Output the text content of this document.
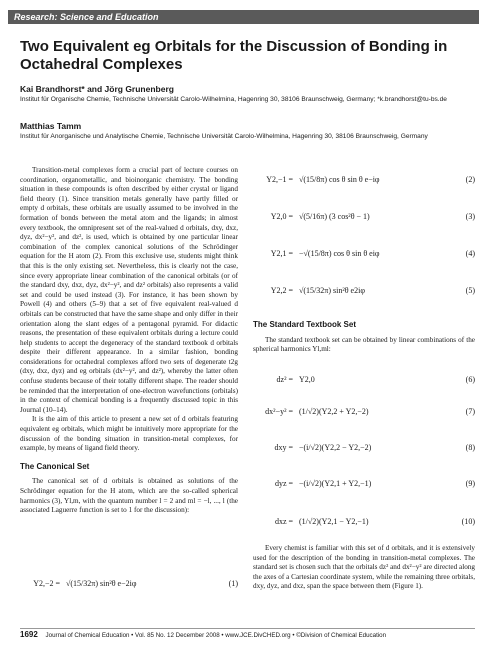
Research: Science and Education
Two Equivalent eg Orbitals for the Discussion of Bonding in Octahedral Complexes
Kai Brandhorst* and Jörg Grunenberg
Institut für Organische Chemie, Technische Universität Carolo-Wilhelmina, Hagenring 30, 38106 Braunschweig, Germany; *k.brandhorst@tu-bs.de
Matthias Tamm
Institut für Anorganische und Analytische Chemie, Technische Universität Carolo-Wilhelmina, Hagenring 30, 38106 Braunschweig, Germany

Transition-metal complexes form a crucial part of lecture courses on coordination, organometallic, and bioinorganic chemistry. The bonding situation in these compounds is often described by either crystal or ligand field theory (1). Since transition metals generally have partly filled or empty d orbitals, these orbitals are usually assumed to be involved in the formation of bonds between the metal atom and the ligands; in almost every textbook, the omnipresent set of the real-valued d orbitals, dxy, dxz, dyz, dx²−y², and dz², is used, which is obtained by one particular linear combination of the complex canonical solutions of the Schrödinger equation for the H atom (2). From this exclusive use, students might think that this is the only existing set. Nevertheless, this is clearly not the case, since every appropriate linear combination of the canonical orbitals (or of the standard dxy, dxz, dyz, dx²−y², and dz² orbitals) also represents a valid set and could be used instead (3). For instance, it has been shown by Powell (4) and others (5–9) that a set of five equivalent real-valued d orbitals can be constructed that have the same shape and only differ in their orientation along the slant edges of a pentagonal pyramid. For didactic reasons, the presentation of these equivalent orbitals during a lecture could help students to accept the degeneracy of the standard textbook d orbitals despite their different appearance. In a similar fashion, bonding considerations for octahedral complexes afford two sets of degenerate t2g (dxy, dxz, dyz) and eg orbitals (dx²−y², and dz²), whereby the latter often confuse students because of their totally different shape. The reader should be reminded that the interpretation of one-electron wavefunctions (orbitals) in the context of chemical bonding is a frequently discussed topic in this Journal (10–14).

It is the aim of this article to present a new set of d orbitals featuring equivalent eg orbitals, which might be intuitively more appropriate for the discussion of the bonding situation in transition-metal complexes, for example, by means of ligand field theory.

The Canonical Set

The canonical set of d orbitals is obtained as solutions of the Schrödinger equation for the H atom, which are the so-called spherical harmonics (3), Yl,m, with the quantum number l = 2 and ml = −l, ..., l (the associated Laguerre function is set to 1 for the discussion):

Y2,−2 = √(15/32π) sin²θ e−2iφ	(1)
Y2,−1 = √(15/8π) cos θ sin θ e−iφ	(2)
Y2,0 = √(5/16π) (3 cos²θ − 1)	(3)
Y2,1 = −√(15/8π) cos θ sin θ eiφ	(4)
Y2,2 = √(15/32π) sin²θ e2iφ	(5)
The Standard Textbook Set

The standard textbook set can be obtained by linear combinations of the spherical harmonics Yl,ml:

dz² = Y2,0	(6)
dx²−y² = (1/√2)(Y2,2 + Y2,−2)	(7)
dxy = −(i/√2)(Y2,2 − Y2,−2)	(8)
dyz = −(i/√2)(Y2,1 + Y2,−1)	(9)
dxz = (1/√2)(Y2,1 − Y2,−1)	(10)

Every chemist is familiar with this set of d orbitals, and it is extensively used for the description of the bonding in transition-metal complexes. The standard set is chosen such that the orbitals dz² and dx²−y² are directed along the axes of a Cartesian coordinate system, while the remaining three orbitals, dxy, dyz, and dxz, span the space between them (Figure 1).

1692 Journal of Chemical Education • Vol. 85 No. 12 December 2008 • www.JCE.DivCHED.org • ©Division of Chemical Education
